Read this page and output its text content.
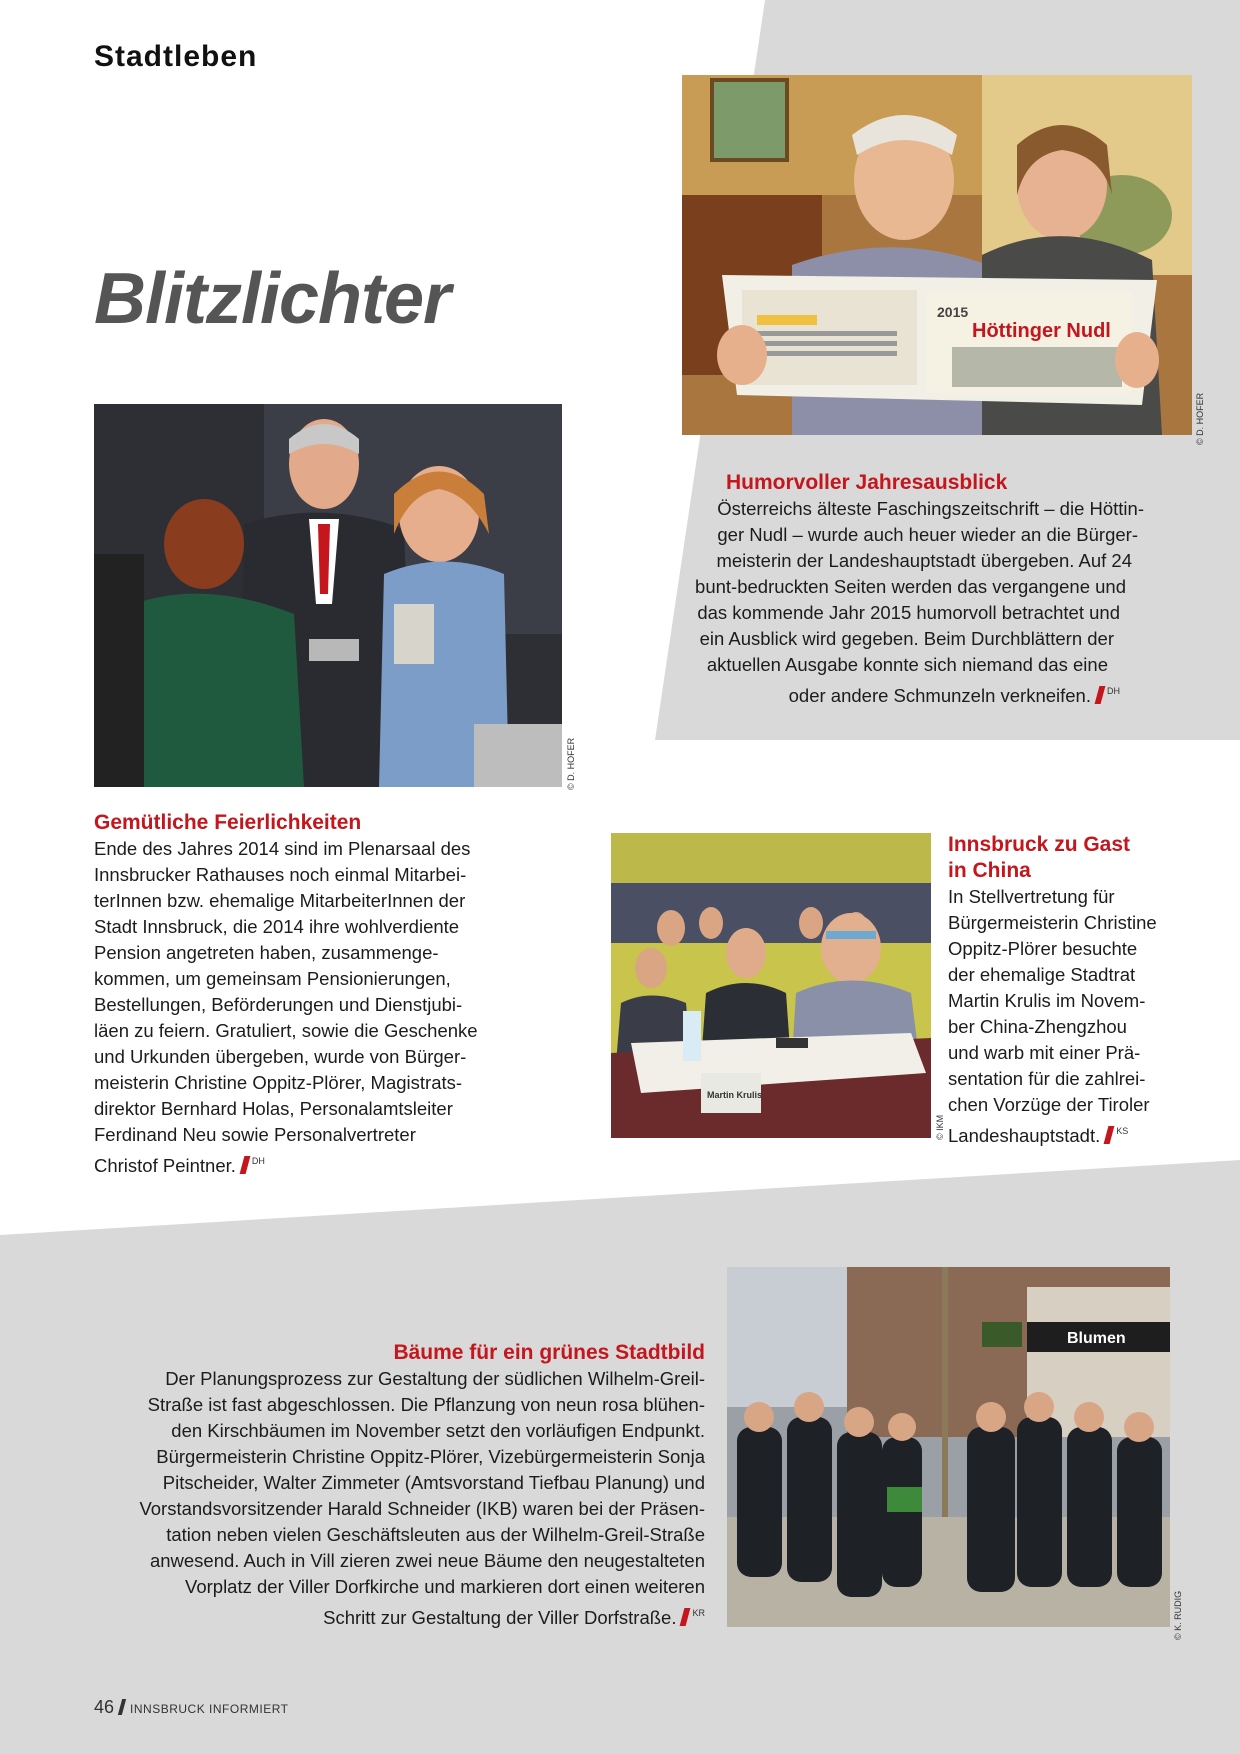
Stadtleben
Blitzlichter	2015
Höttinger Nudl
© D. HOFER
© D. HOFER
Martin Krulis
© IKM
Blumen
© K. RUDIG
Humorvoller Jahresausblick

Österreichs älteste Faschingszeitschrift – die Höttin-

ger Nudl – wurde auch heuer wieder an die Bürger-

meisterin der Landeshauptstadt übergeben. Auf 24

bunt-bedruckten Seiten werden das vergangene und

das kommende Jahr 2015 humorvoll betrachtet und

ein Ausblick wird gegeben. Beim Durchblättern der

aktuellen Ausgabe konnte sich niemand das eine

oder andere Schmunzeln verkneifen. $^{DH}$

Gemütliche Feierlichkeiten

Ende des Jahres 2014 sind im Plenarsaal des

Innsbrucker Rathauses noch einmal Mitarbei-

terInnen bzw. ehemalige MitarbeiterInnen der

Stadt Innsbruck, die 2014 ihre wohlverdiente

Pension angetreten haben, zusammenge-

kommen, um gemeinsam Pensionierungen,

Bestellungen, Beförderungen und Dienstjubi-

läen zu feiern. Gratuliert, sowie die Geschenke

und Urkunden übergeben, wurde von Bürger-

meisterin Christine Oppitz-Plörer, Magistrats-

direktor Bernhard Holas, Personalamtsleiter

Ferdinand Neu sowie Personalvertreter

Christof Peintner. $^{DH}$

Innsbruck zu Gast
in China

In Stellvertretung für

Bürgermeisterin Christine

Oppitz-Plörer besuchte

der ehemalige Stadtrat

Martin Krulis im Novem-

ber China-Zhengzhou

und warb mit einer Prä-

sentation für die zahlrei-

chen Vorzüge der Tiroler

Landeshauptstadt. $^{KS}$

Bäume für ein grünes Stadtbild

Der Planungsprozess zur Gestaltung der südlichen Wilhelm-Greil-

Straße ist fast abgeschlossen. Die Pflanzung von neun rosa blühen-

den Kirschbäumen im November setzt den vorläufigen Endpunkt.

Bürgermeisterin Christine Oppitz-Plörer, Vizebürgermeisterin Sonja

Pitscheider, Walter Zimmeter (Amtsvorstand Tiefbau Planung) und

Vorstandsvorsitzender Harald Schneider (IKB) waren bei der Präsen-

tation neben vielen Geschäftsleuten aus der Wilhelm-Greil-Straße

anwesend. Auch in Vill zieren zwei neue Bäume den neugestalteten

Vorplatz der Viller Dorfkirche und markieren dort einen weiteren

Schritt zur Gestaltung der Viller Dorfstraße. $^{KR}$

46 INNSBRUCK INFORMIERT
